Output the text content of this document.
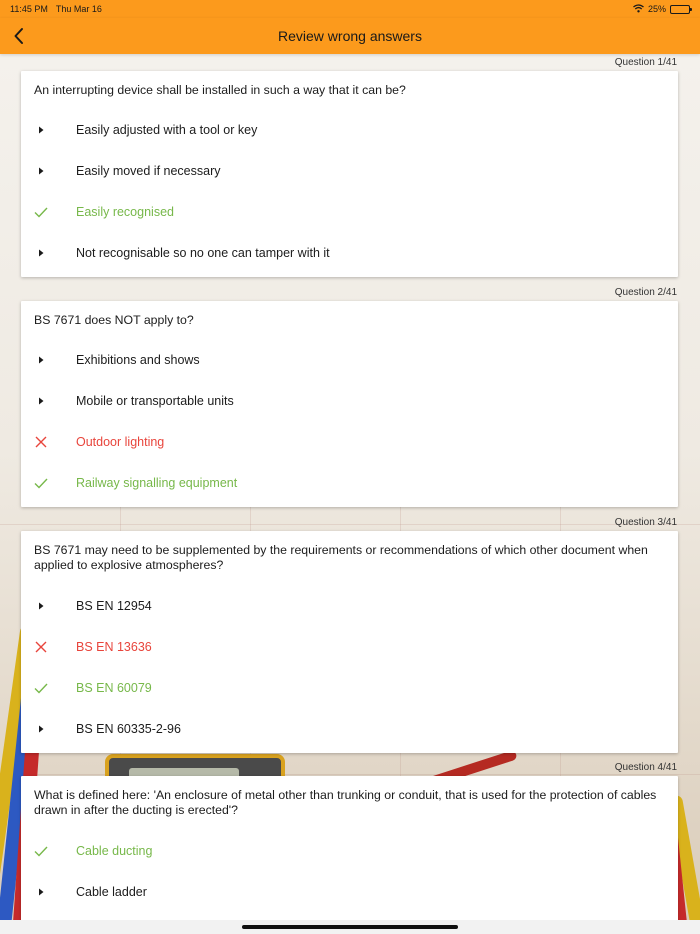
11:45 PM Thu Mar 16	25%
Review wrong answers
Question 1/41
An interrupting device shall be installed in such a way that it can be?
Easily adjusted with a tool or key
Easily moved if necessary
Easily recognised
Not recognisable so no one can tamper with it
Question 2/41
BS 7671 does NOT apply to?
Exhibitions and shows
Mobile or transportable units
Outdoor lighting
Railway signalling equipment
Question 3/41
BS 7671 may need to be supplemented by the requirements or recommendations of which other document when applied to explosive atmospheres?
BS EN 12954
BS EN 13636
BS EN 60079
BS EN 60335-2-96
Question 4/41
What is defined here: 'An enclosure of metal other than trunking or conduit, that is used for the protection of cables drawn in after the ducting is erected'?
Cable ducting
Cable ladder
